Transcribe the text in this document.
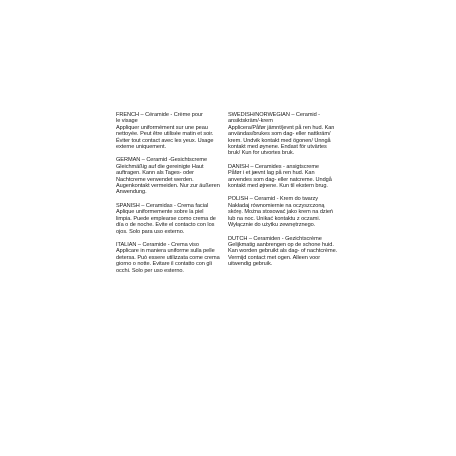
FRENCH – Céramide - Crème pour
le visage
Appliquer uniformément sur une peau
nettoyée. Peut être utilisée matin et soir.
Éviter tout contact avec les yeux. Usage
externe uniquement.

GERMAN – Ceramid -Gesichtscreme
Gleichmäßig auf die gereinigte Haut
auftragen. Kann als Tages- oder
Nachtcreme verwendet werden.
Augenkontakt vermeiden. Nur zur äußeren
Anwendung.

SPANISH – Ceramidas - Crema facial
Aplique uniformemente sobre la piel
limpia. Puede emplearse como crema de
día o de noche. Evite el contacto con los
ojos. Solo para uso externo.

ITALIAN – Ceramide - Crema viso
Applicare in maniera uniforme sulla pelle
detersa. Può essere utilizzata come crema
giorno o notte. Evitare il contatto con gli
occhi. Solo per uso esterno.

SWEDISH/NORWEGIAN – Ceramid -
ansiktskräm/-krem
Applicera/Påfør jämnt/jevnt på ren hud. Kan
användas/brukes som dag- eller nattkräm/
krem. Undvik kontakt med ögonen/ Unngå
kontakt med øynene. Endast för utvärtes
bruk/ Kun for utvortes bruk.

DANISH – Ceramides - ansigtscreme
Påfør i et jævnt lag på ren hud. Kan
anvendes som dag- eller natcreme. Undgå
kontakt med øjnene. Kun til ekstern brug.

POLISH – Ceramid - Krem do twarzy
Nakładaj równomiernie na oczyszczoną
skórę. Można stosować jako krem na dzień
lub na noc. Unikać kontaktu z oczami.
Wyłącznie do użytku zewnętrznego.

DUTCH – Ceramiden - Gezichtscrème
Gelijkmatig aanbrengen op de schone huid.
Kan worden gebruikt als dag- of nachtcrème.
Vermijd contact met ogen. Alleen voor
uitwendig gebruik.
